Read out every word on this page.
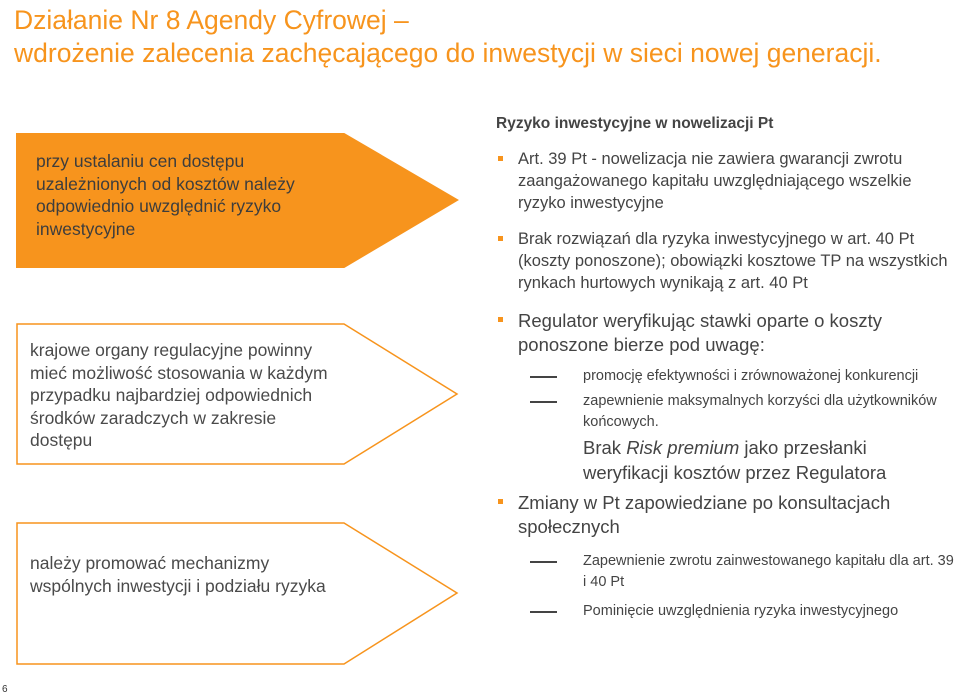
Działanie Nr 8 Agendy Cyfrowej –
wdrożenie zalecenia zachęcającego do inwestycji w sieci nowej generacji.
przy ustalaniu cen dostępu uzależnionych od kosztów należy odpowiednio uwzględnić ryzyko inwestycyjne
krajowe organy regulacyjne powinny mieć możliwość stosowania w każdym przypadku najbardziej odpowiednich środków zaradczych w zakresie dostępu
należy promować mechanizmy wspólnych inwestycji i podziału ryzyka
Ryzyko inwestycyjne w nowelizacji Pt
Art. 39 Pt - nowelizacja nie zawiera gwarancji zwrotu zaangażowanego kapitału uwzględniającego wszelkie ryzyko inwestycyjne
Brak rozwiązań dla ryzyka inwestycyjnego w art. 40 Pt (koszty ponoszone); obowiązki kosztowe TP na wszystkich rynkach hurtowych wynikają z art. 40 Pt
Regulator weryfikując stawki oparte o koszty ponoszone bierze pod uwagę:
promocję efektywności i zrównoważonej konkurencji
zapewnienie maksymalnych korzyści dla użytkowników końcowych.
Brak Risk premium jako przesłanki weryfikacji kosztów przez Regulatora
Zmiany w Pt zapowiedziane po konsultacjach społecznych
Zapewnienie zwrotu zainwestowanego kapitału dla art. 39 i 40 Pt
Pominięcie uwzględnienia ryzyka inwestycyjnego
6
